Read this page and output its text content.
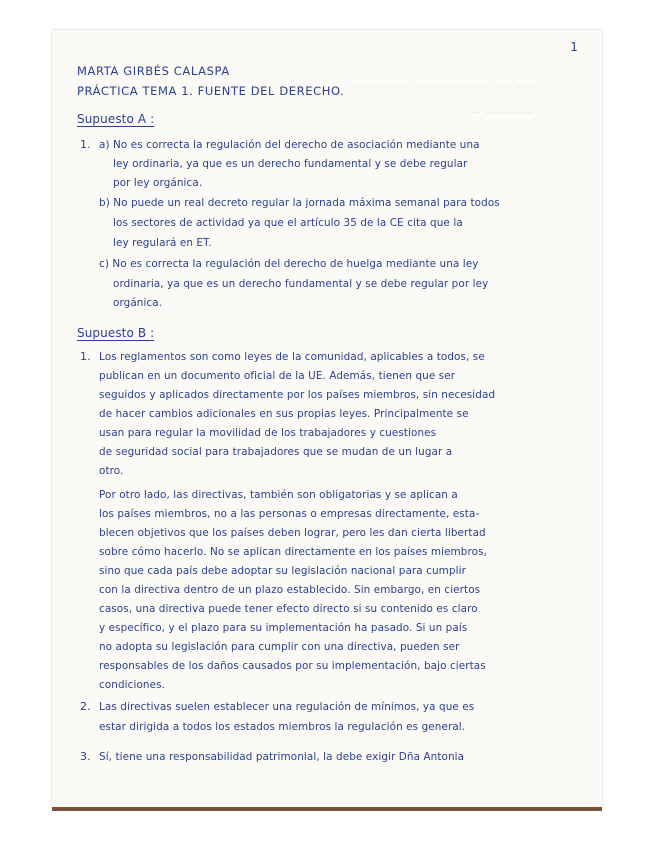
~~~ ~~ ~~~~~~ ~~~ ~~~~~~~
~~~~~~ ~
1
MARTA GIRBÉS CALASPA
PRÁCTICA TEMA 1. FUENTE DEL DERECHO.
Supuesto A :
1. a) No es correcta la regulación del derecho de asociación mediante una
ley ordinaria, ya que es un derecho fundamental y se debe regular
por ley orgánica.
b) No puede un real decreto regular la jornada máxima semanal para todos
los sectores de actividad ya que el artículo 35 de la CE cita que la
ley regulará en ET.
c) No es correcta la regulación del derecho de huelga mediante una ley
ordinaria, ya que es un derecho fundamental y se debe regular por ley
orgánica.
Supuesto B :
1. Los reglamentos son como leyes de la comunidad, aplicables a todos, se
publican en un documento oficial de la UE. Además, tienen que ser
seguidos y aplicados directamente por los países miembros, sin necesidad
de hacer cambios adicionales en sus propias leyes. Principalmente se
usan para regular la movilidad de los trabajadores y cuestiones
de seguridad social para trabajadores que se mudan de un lugar a
otro.
Por otro lado, las directivas, también son obligatorias y se aplican a
los países miembros, no a las personas o empresas directamente, esta-
blecen objetivos que los países deben lograr, pero les dan cierta libertad
sobre cómo hacerlo. No se aplican directamente en los países miembros,
sino que cada país debe adoptar su legislación nacional para cumplir
con la directiva dentro de un plazo establecido. Sin embargo, en ciertos
casos, una directiva puede tener efecto directo si su contenido es claro
y específico, y el plazo para su implementación ha pasado. Si un país
no adopta su legislación para cumplir con una directiva, pueden ser
responsables de los daños causados por su implementación, bajo ciertas
condiciones.
2. Las directivas suelen establecer una regulación de mínimos, ya que es
estar dirigida a todos los estados miembros la regulación es general.
3. Sí, tiene una responsabilidad patrimonial, la debe exigir Dña Antonia
